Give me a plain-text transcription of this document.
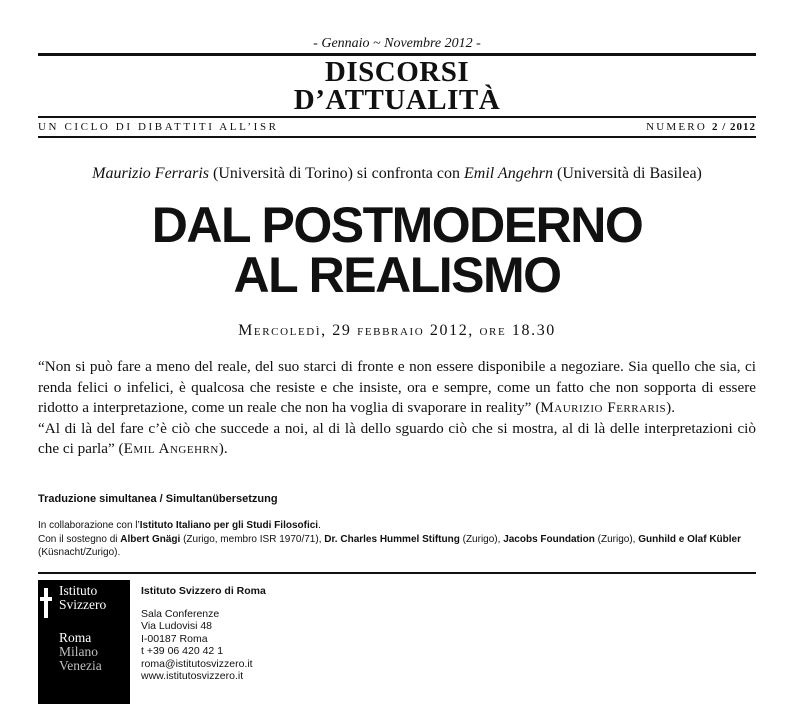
- Gennaio ~ Novembre 2012 -
DISCORSI
D’ATTUALITÀ
UN CICLO DI DIBATTITI ALL’ISR	NUMERO 2 / 2012
Maurizio Ferraris (Università di Torino) si confronta con Emil Angehrn (Università di Basilea)
DAL POSTMODERNO
AL REALISMO
Mercoledì, 29 febbraio 2012, ore 18.30

“Non si può fare a meno del reale, del suo starci di fronte e non essere disponibile a negoziare. Sia quello che sia, ci renda felici o infelici, è qualcosa che resiste e che insiste, ora e sempre, come un fatto che non sopporta di essere ridotto a interpretazione, come un reale che non ha voglia di svaporare in reality” (Maurizio Ferraris).

“Al di là del fare c’è ciò che succede a noi, al di là dello sguardo ciò che si mostra, al di là delle interpretazioni ciò che ci parla” (Emil Angehrn).

Traduzione simultanea / Simultanübersetzung

In collaborazione con l’Istituto Italiano per gli Studi Filosofici.

Con il sostegno di Albert Gnägi (Zurigo, membro ISR 1970/71), Dr. Charles Hummel Stiftung (Zurigo), Jacobs Foundation (Zurigo), Gunhild e Olaf Kübler (Küsnacht/Zurigo).

Istituto
Svizzero
Roma
Milano
Venezia
Istituto Svizzero di Roma
Sala Conferenze
Via Ludovisi 48
I-00187 Roma
t +39 06 420 42 1
roma@istitutosvizzero.it
www.istitutosvizzero.it
